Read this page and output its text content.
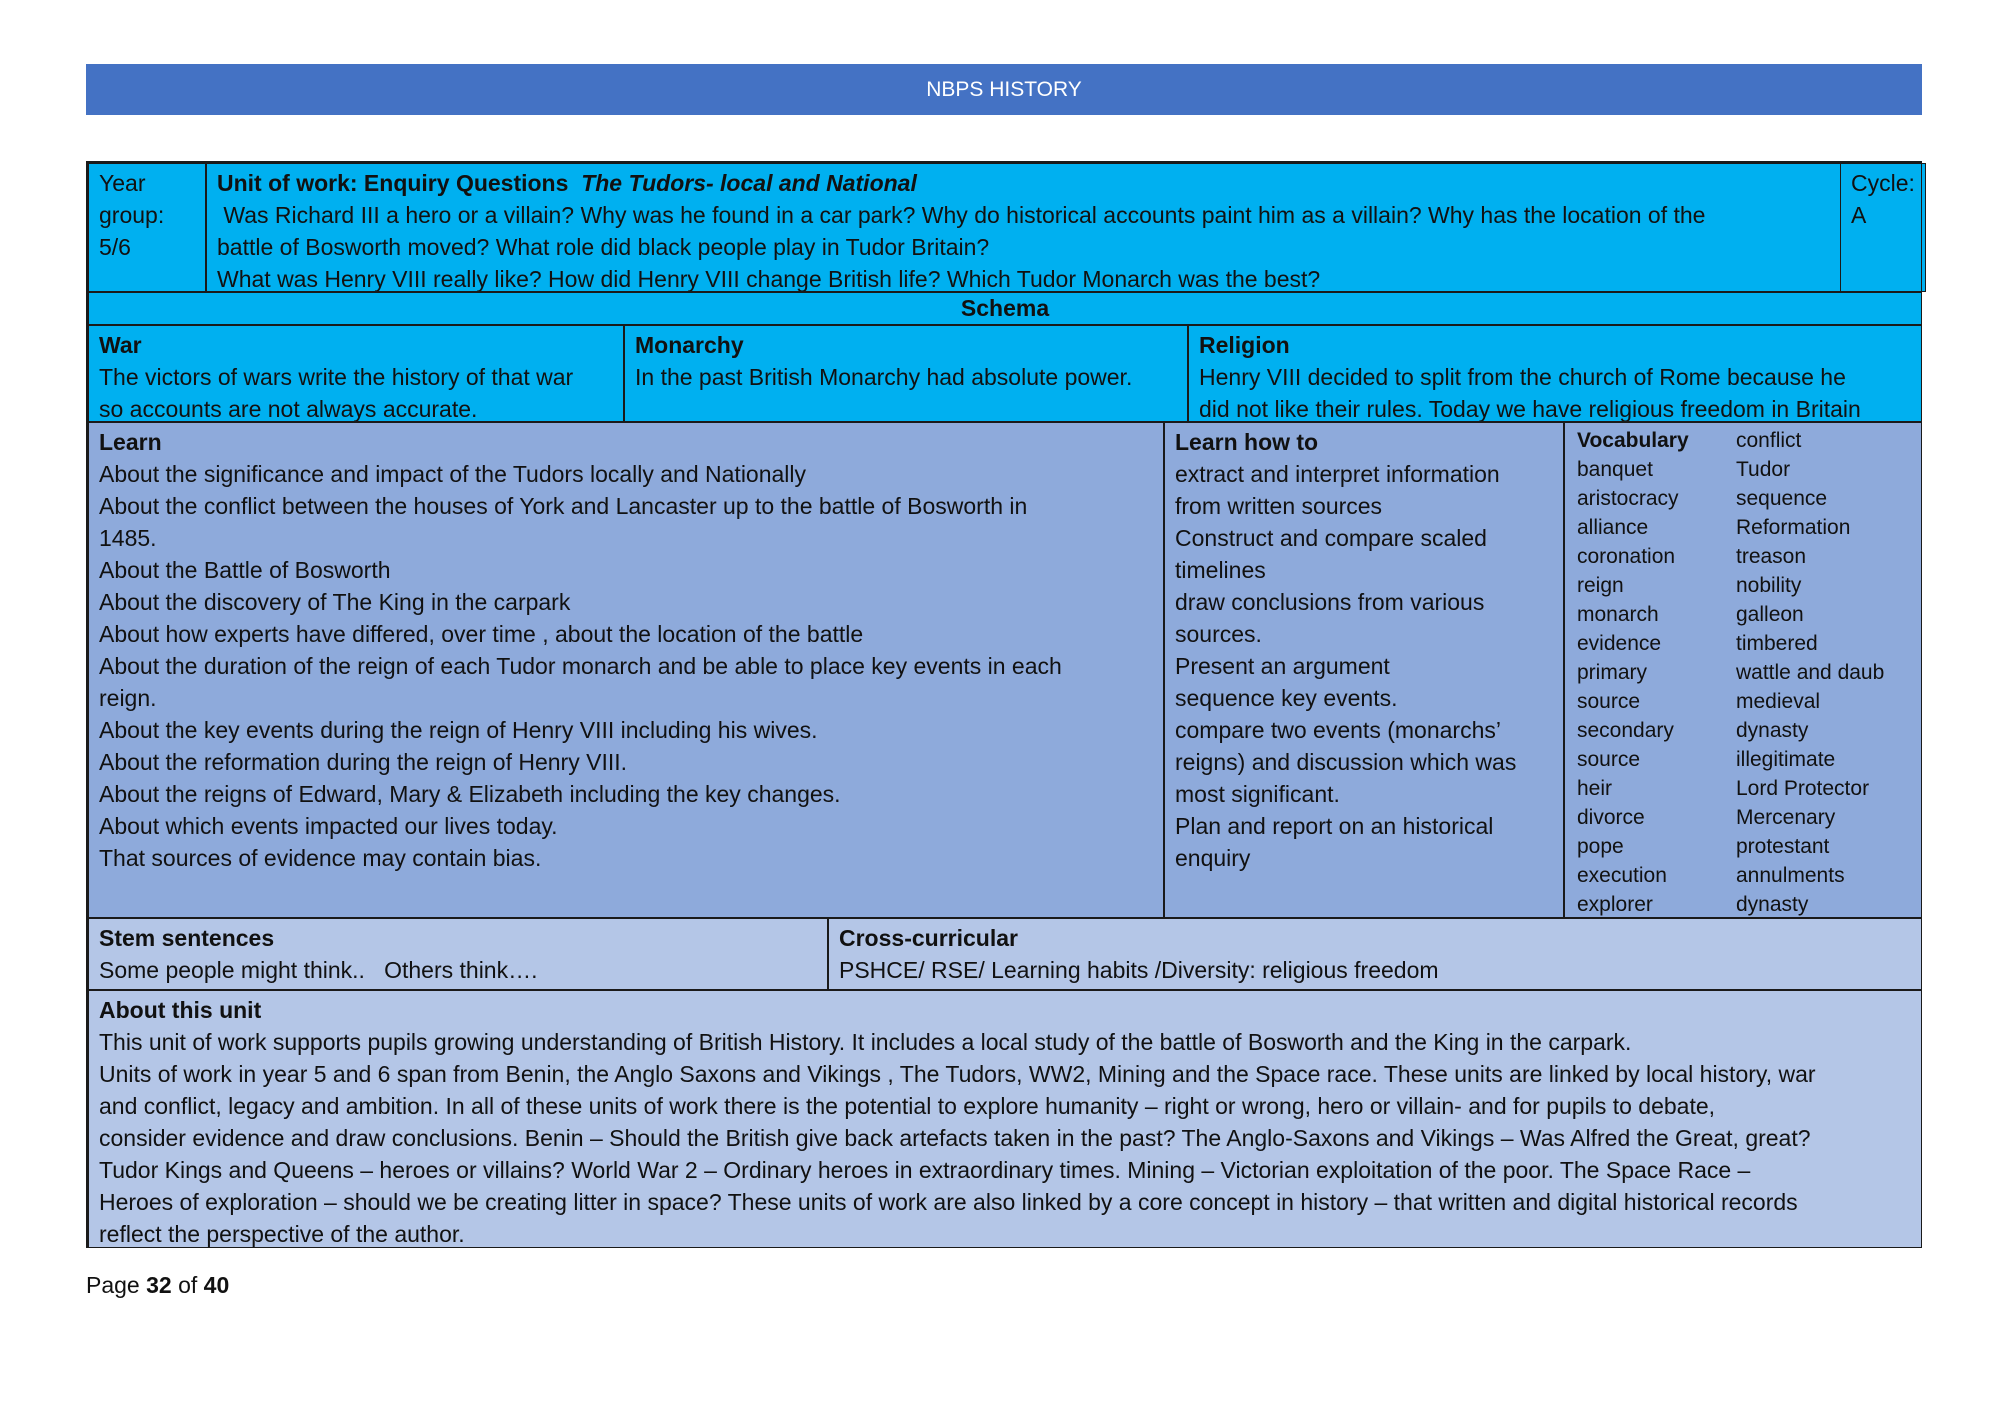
NBPS HISTORY
Year
group:
5/6
Unit of work: Enquiry Questions The Tudors- local and National
Was Richard III a hero or a villain? Why was he found in a car park? Why do historical accounts paint him as a villain? Why has the location of the
battle of Bosworth moved? What role did black people play in Tudor Britain?
What was Henry VIII really like? How did Henry VIII change British life? Which Tudor Monarch was the best?
Cycle:
A
Schema
War
The victors of wars write the history of that war
so accounts are not always accurate.
Monarchy
In the past British Monarchy had absolute power.
Religion
Henry VIII decided to split from the church of Rome because he
did not like their rules. Today we have religious freedom in Britain
Learn
About the significance and impact of the Tudors locally and Nationally
About the conflict between the houses of York and Lancaster up to the battle of Bosworth in
1485.
About the Battle of Bosworth
About the discovery of The King in the carpark
About how experts have differed, over time , about the location of the battle
About the duration of the reign of each Tudor monarch and be able to place key events in each
reign.
About the key events during the reign of Henry VIII including his wives.
About the reformation during the reign of Henry VIII.
About the reigns of Edward, Mary & Elizabeth including the key changes.
About which events impacted our lives today.
That sources of evidence may contain bias.
Learn how to
extract and interpret information
from written sources
Construct and compare scaled
timelines
draw conclusions from various
sources.
Present an argument
sequence key events.
compare two events (monarchs’
reigns) and discussion which was
most significant.
Plan and report on an historical
enquiry
Vocabulary
banquet
aristocracy
alliance
coronation
reign
monarch
evidence
primary
source
secondary
source
heir
divorce
pope
execution
explorer
conflict
Tudor
sequence
Reformation
treason
nobility
galleon
timbered
wattle and daub
medieval
dynasty
illegitimate
Lord Protector
Mercenary
protestant
annulments
dynasty
Stem sentences
Some people might think..   Others think….
Cross-curricular
PSHCE/ RSE/ Learning habits /Diversity: religious freedom
About this unit
This unit of work supports pupils growing understanding of British History. It includes a local study of the battle of Bosworth and the King in the carpark.
Units of work in year 5 and 6 span from Benin, the Anglo Saxons and Vikings , The Tudors, WW2, Mining and the Space race. These units are linked by local history, war
and conflict, legacy and ambition. In all of these units of work there is the potential to explore humanity – right or wrong, hero or villain- and for pupils to debate,
consider evidence and draw conclusions. Benin – Should the British give back artefacts taken in the past? The Anglo-Saxons and Vikings – Was Alfred the Great, great?
Tudor Kings and Queens – heroes or villains? World War 2 – Ordinary heroes in extraordinary times. Mining – Victorian exploitation of the poor. The Space Race –
Heroes of exploration – should we be creating litter in space? These units of work are also linked by a core concept in history – that written and digital historical records
reflect the perspective of the author.
Page 32 of 40
